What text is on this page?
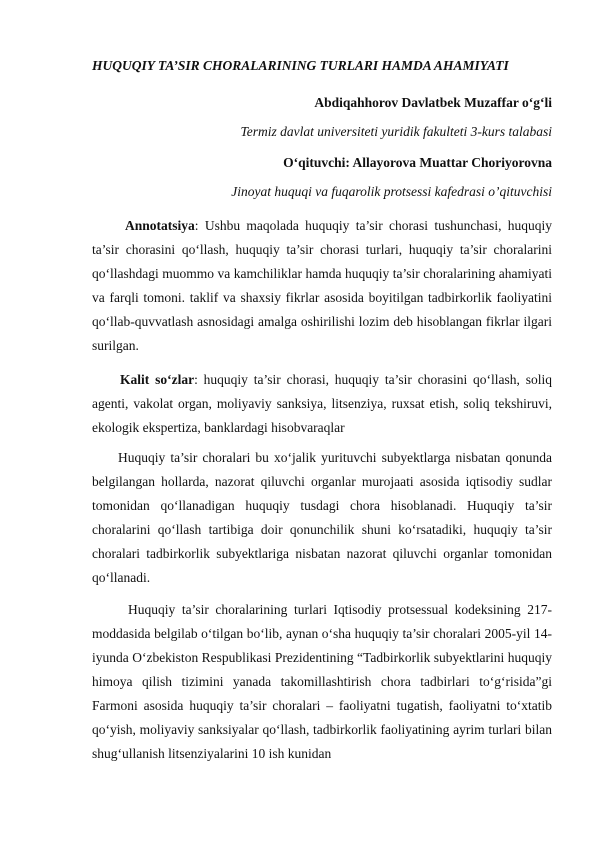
HUQUQIY TA’SIR CHORALARINING TURLARI HAMDA AHAMIYATI
Abdiqahhorov Davlatbek Muzaffar o‘g‘li
Termiz davlat universiteti yuridik fakulteti 3-kurs talabasi
O‘qituvchi: Allayorova Muattar Choriyorovna
Jinoyat huquqi va fuqarolik protsessi kafedrasi o’qituvchisi
Annotatsiya: Ushbu maqolada huquqiy ta’sir chorasi tushunchasi, huquqiy ta’sir chorasini qo‘llash, huquqiy ta’sir chorasi turlari, huquqiy ta’sir choralarini qo‘llashdagi muommo va kamchiliklar hamda huquqiy ta’sir choralarining ahamiyati va farqli tomoni. taklif va shaxsiy fikrlar asosida boyitilgan tadbirkorlik faoliyatini qo‘llab-quvvatlash asnosidagi amalga oshirilishi lozim deb hisoblangan fikrlar ilgari surilgan.
Kalit so‘zlar: huquqiy ta’sir chorasi, huquqiy ta’sir chorasini qo‘llash, soliq agenti, vakolat organ, moliyaviy sanksiya, litsenziya, ruxsat etish, soliq tekshiruvi, ekologik ekspertiza, banklardagi hisobvaraqlar
Huquqiy ta’sir choralari bu xo‘jalik yurituvchi subyektlarga nisbatan qonunda belgilangan hollarda, nazorat qiluvchi organlar murojaati asosida iqtisodiy sudlar tomonidan qo‘llanadigan huquqiy tusdagi chora hisoblanadi. Huquqiy ta’sir choralarini qo‘llash tartibiga doir qonunchilik shuni ko‘rsatadiki, huquqiy ta’sir choralari tadbirkorlik subyektlariga nisbatan nazorat qiluvchi organlar tomonidan qo‘llanadi.
Huquqiy ta’sir choralarining turlari Iqtisodiy protsessual kodeksining 217-moddasida belgilab o‘tilgan bo‘lib, aynan o‘sha huquqiy ta’sir choralari 2005-yil 14-iyunda O‘zbekiston Respublikasi Prezidentining “Tadbirkorlik subyektlarini huquqiy himoya qilish tizimini yanada takomillashtirish chora tadbirlari to‘g‘risida”gi Farmoni asosida huquqiy ta’sir choralari – faoliyatni tugatish, faoliyatni to‘xtatib qo‘yish, moliyaviy sanksiyalar qo‘llash, tadbirkorlik faoliyatining ayrim turlari bilan shug‘ullanish litsenziyalarini 10 ish kunidan
